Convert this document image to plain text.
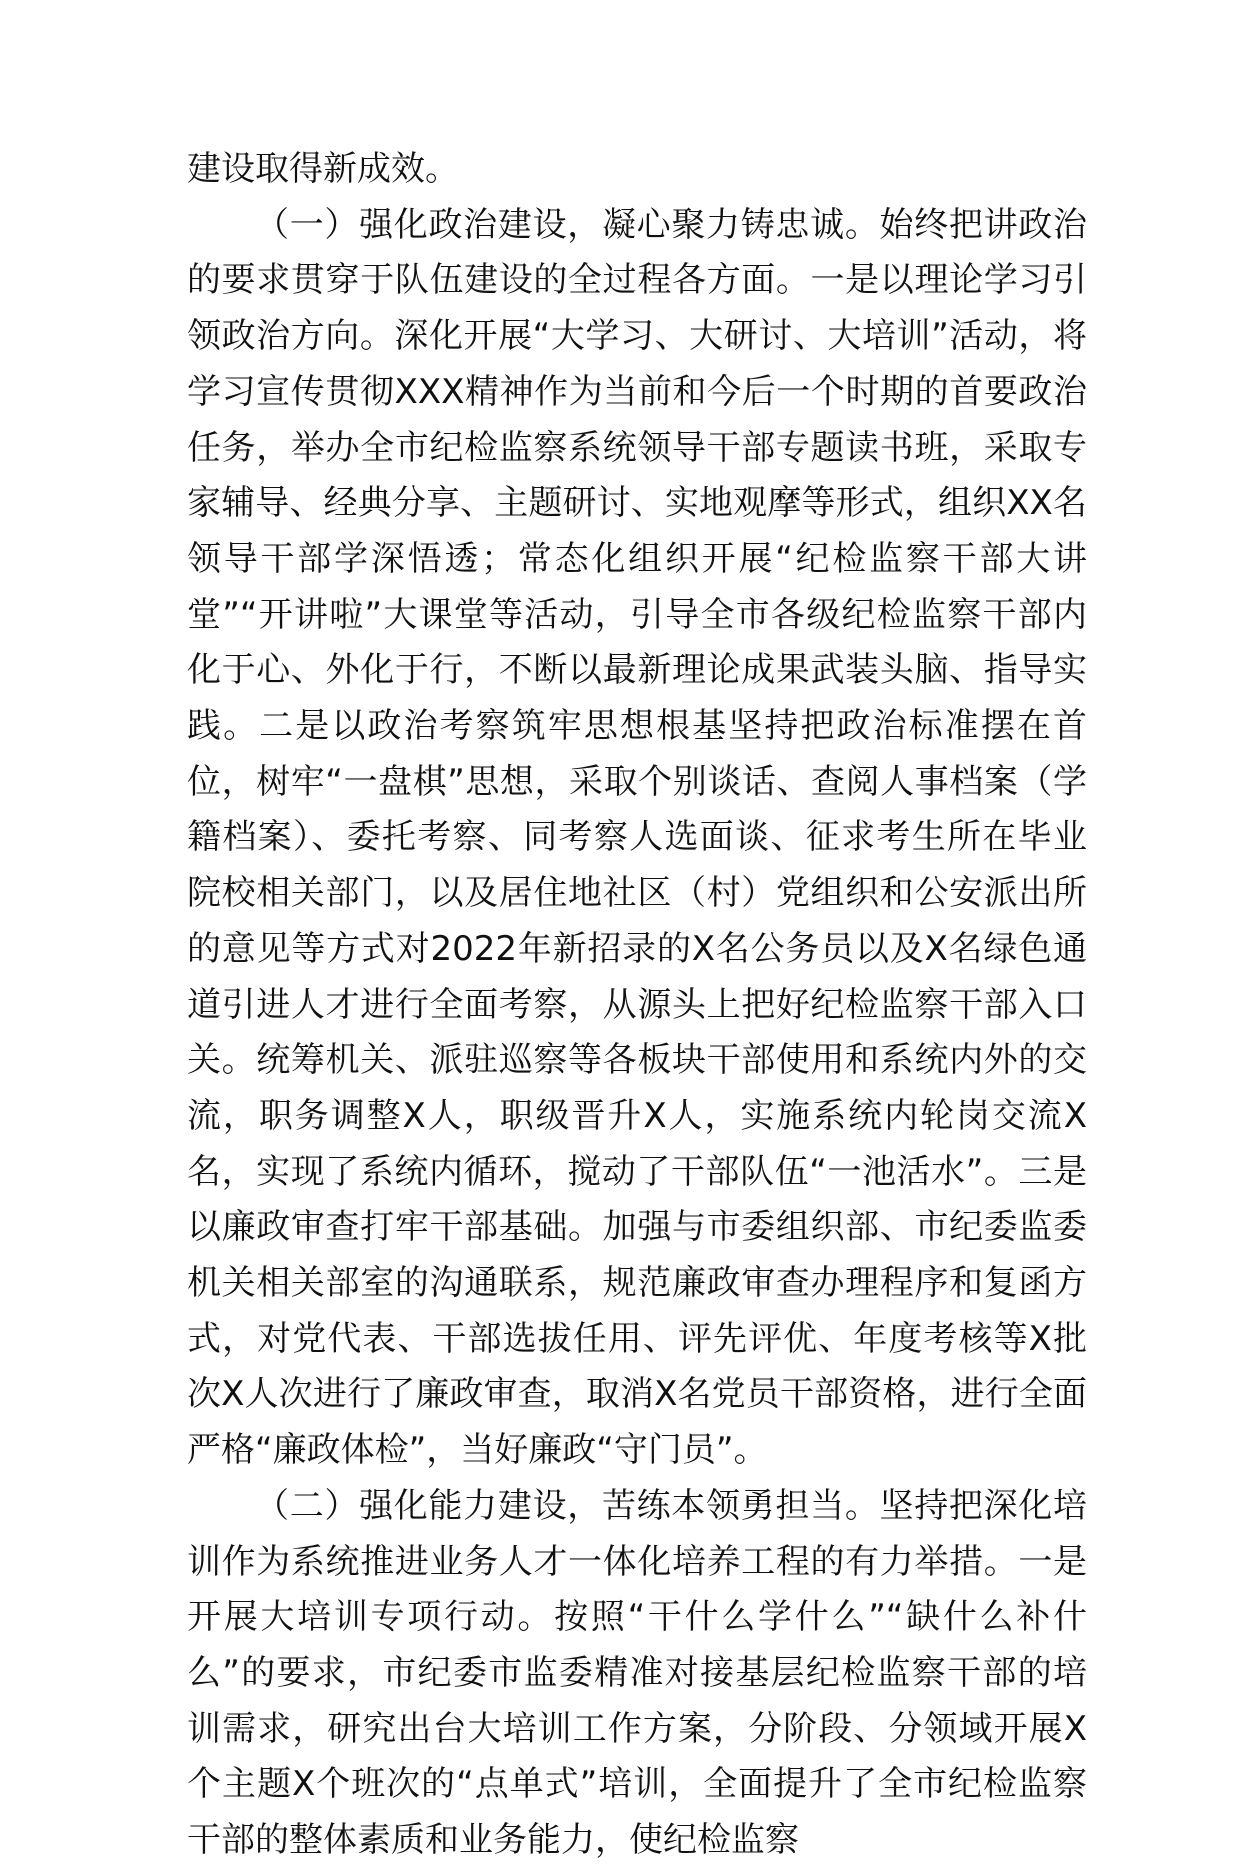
建设取得新成效。

（一）强化政治建设，凝心聚力铸忠诚。始终把讲政治的要求贯穿于队伍建设的全过程各方面。一是以理论学习引领政治方向。深化开展“大学习、大研讨、大培训”活动，将学习宣传贯彻XXX精神作为当前和今后一个时期的首要政治任务，举办全市纪检监察系统领导干部专题读书班，采取专家辅导、经典分享、主题研讨、实地观摩等形式，组织XX名领导干部学深悟透；常态化组织开展“纪检监察干部大讲堂”“开讲啦”大课堂等活动，引导全市各级纪检监察干部内化于心、外化于行，不断以最新理论成果武装头脑、指导实践。二是以政治考察筑牢思想根基坚持把政治标准摆在首位，树牢“一盘棋”思想，采取个别谈话、查阅人事档案（学籍档案）、委托考察、同考察人选面谈、征求考生所在毕业院校相关部门，以及居住地社区（村）党组织和公安派出所的意见等方式对2022年新招录的X名公务员以及X名绿色通道引进人才进行全面考察，从源头上把好纪检监察干部入口关。统筹机关、派驻巡察等各板块干部使用和系统内外的交流，职务调整X人，职级晋升X人，实施系统内轮岗交流X名，实现了系统内循环，搅动了干部队伍“一池活水”。三是以廉政审查打牢干部基础。加强与市委组织部、市纪委监委机关相关部室的沟通联系，规范廉政审查办理程序和复函方式，对党代表、干部选拔任用、评先评优、年度考核等X批次X人次进行了廉政审查，取消X名党员干部资格，进行全面严格“廉政体检”，当好廉政“守门员”。

（二）强化能力建设，苦练本领勇担当。坚持把深化培训作为系统推进业务人才一体化培养工程的有力举措。一是开展大培训专项行动。按照“干什么学什么”“缺什么补什么”的要求，市纪委市监委精准对接基层纪检监察干部的培训需求，研究出台大培训工作方案，分阶段、分领域开展X个主题X个班次的“点单式”培训，全面提升了全市纪检监察干部的整体素质和业务能力，使纪检监察
